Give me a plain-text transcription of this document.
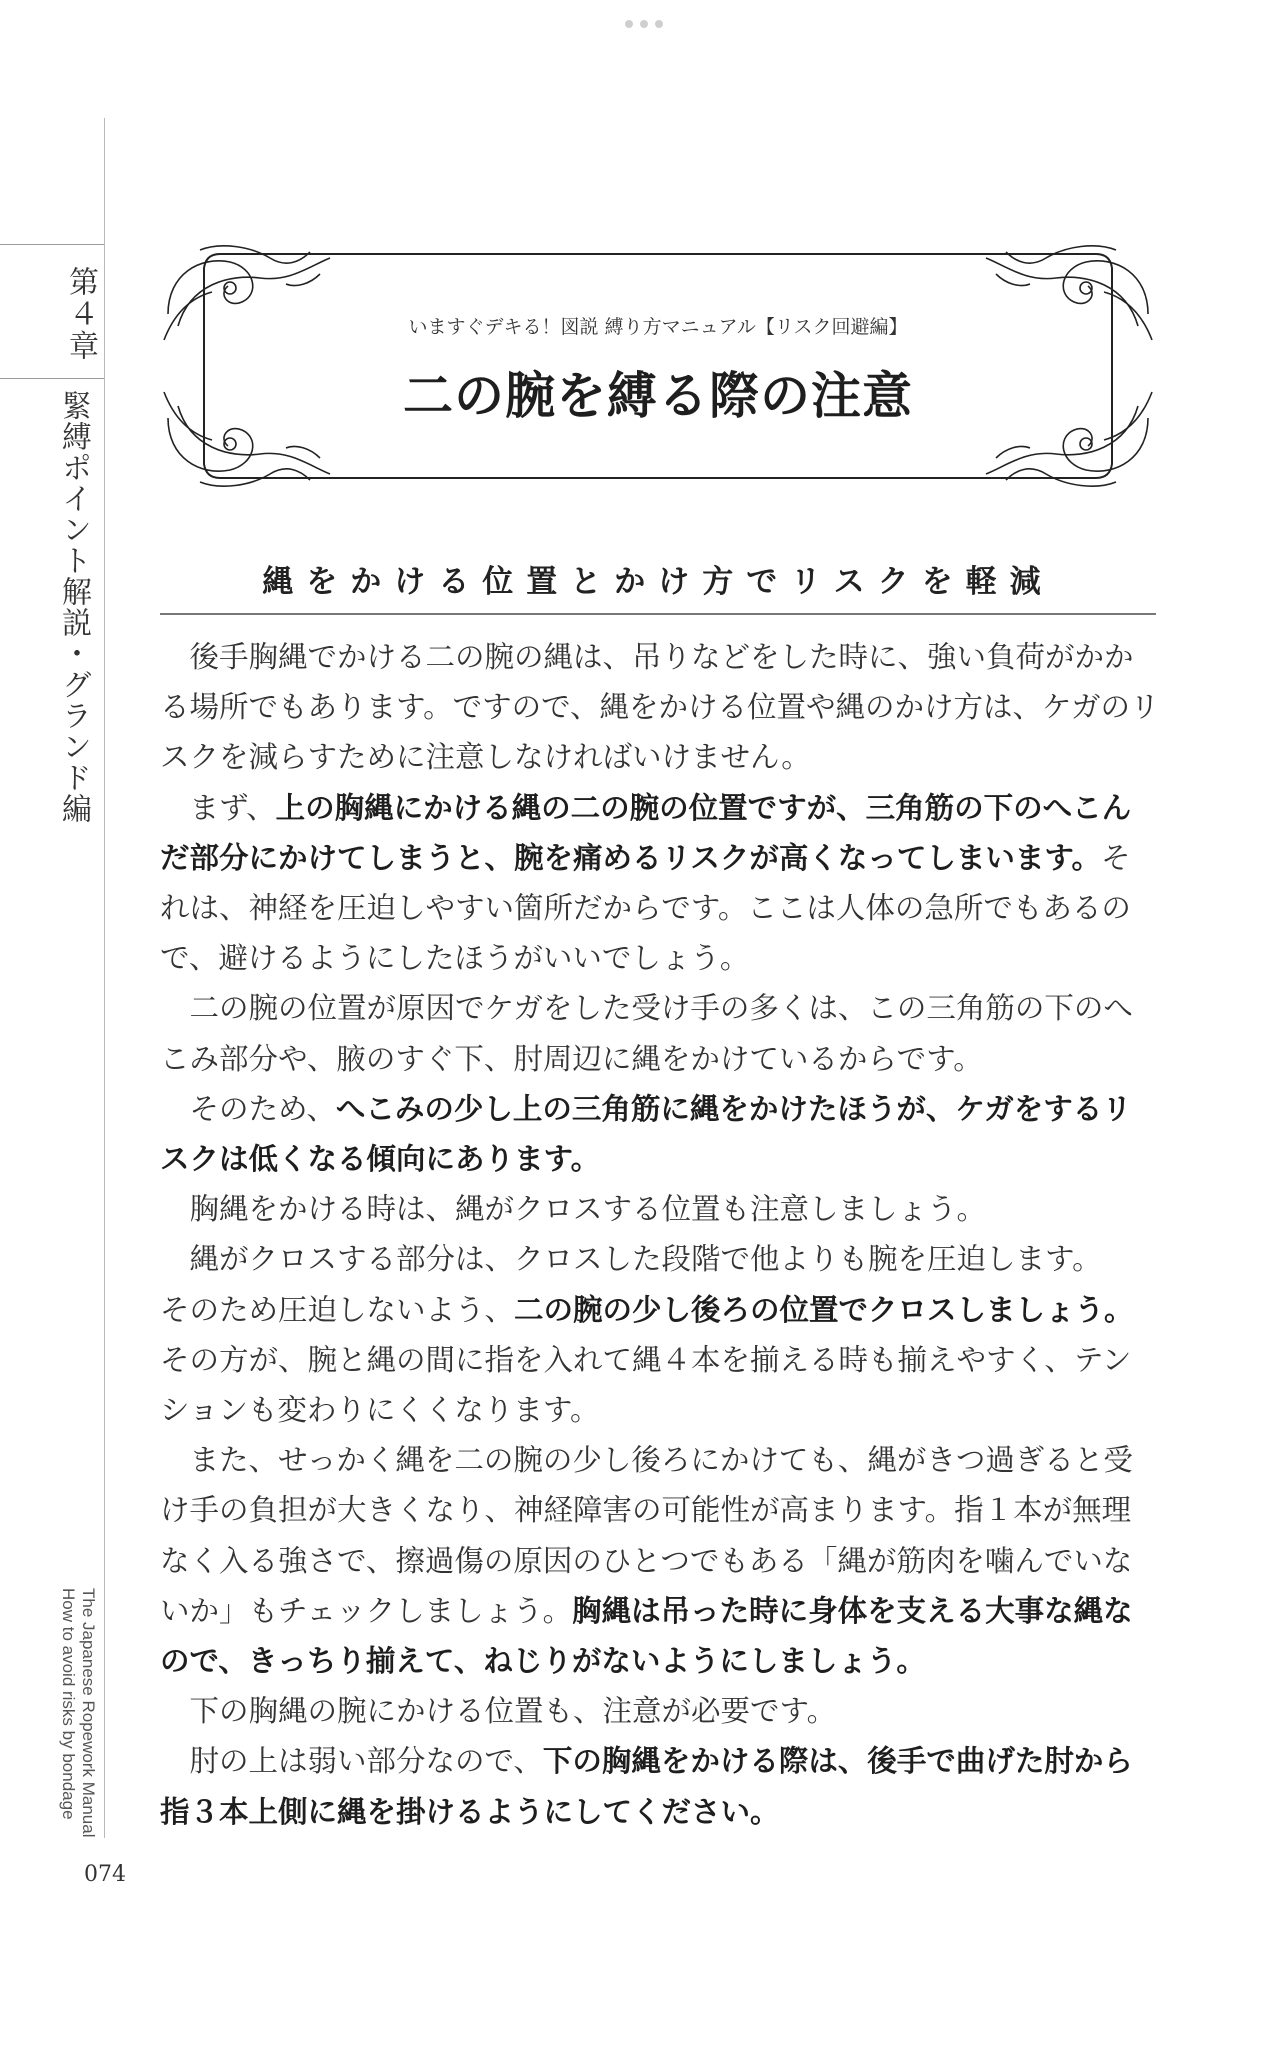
第４章
緊縛ポイント解説・グランド編
The Japanese Ropework Manual
How to avoid risks by bondage
いますぐデキる！図説 縛り方マニュアル【リスク回避編】
二の腕を縛る際の注意
縄をかける位置とかけ方でリスクを軽減

後手胸縄でかける二の腕の縄は、吊りなどをした時に、強い負荷がかかる場所でもあります。ですので、縄をかける位置や縄のかけ方は、ケガのリスクを減らすために注意しなければいけません。

まず、上の胸縄にかける縄の二の腕の位置ですが、三角筋の下のへこんだ部分にかけてしまうと、腕を痛めるリスクが高くなってしまいます。それは、神経を圧迫しやすい箇所だからです。ここは人体の急所でもあるので、避けるようにしたほうがいいでしょう。

二の腕の位置が原因でケガをした受け手の多くは、この三角筋の下のへこみ部分や、腋のすぐ下、肘周辺に縄をかけているからです。

そのため、へこみの少し上の三角筋に縄をかけたほうが、ケガをするリスクは低くなる傾向にあります。

胸縄をかける時は、縄がクロスする位置も注意しましょう。

縄がクロスする部分は、クロスした段階で他よりも腕を圧迫します。

そのため圧迫しないよう、二の腕の少し後ろの位置でクロスしましょう。その方が、腕と縄の間に指を入れて縄４本を揃える時も揃えやすく、テンションも変わりにくくなります。

また、せっかく縄を二の腕の少し後ろにかけても、縄がきつ過ぎると受け手の負担が大きくなり、神経障害の可能性が高まります。指１本が無理なく入る強さで、擦過傷の原因のひとつでもある「縄が筋肉を噛んでいないか」もチェックしましょう。胸縄は吊った時に身体を支える大事な縄なので、きっちり揃えて、ねじりがないようにしましょう。

下の胸縄の腕にかける位置も、注意が必要です。

肘の上は弱い部分なので、下の胸縄をかける際は、後手で曲げた肘から指３本上側に縄を掛けるようにしてください。

074
